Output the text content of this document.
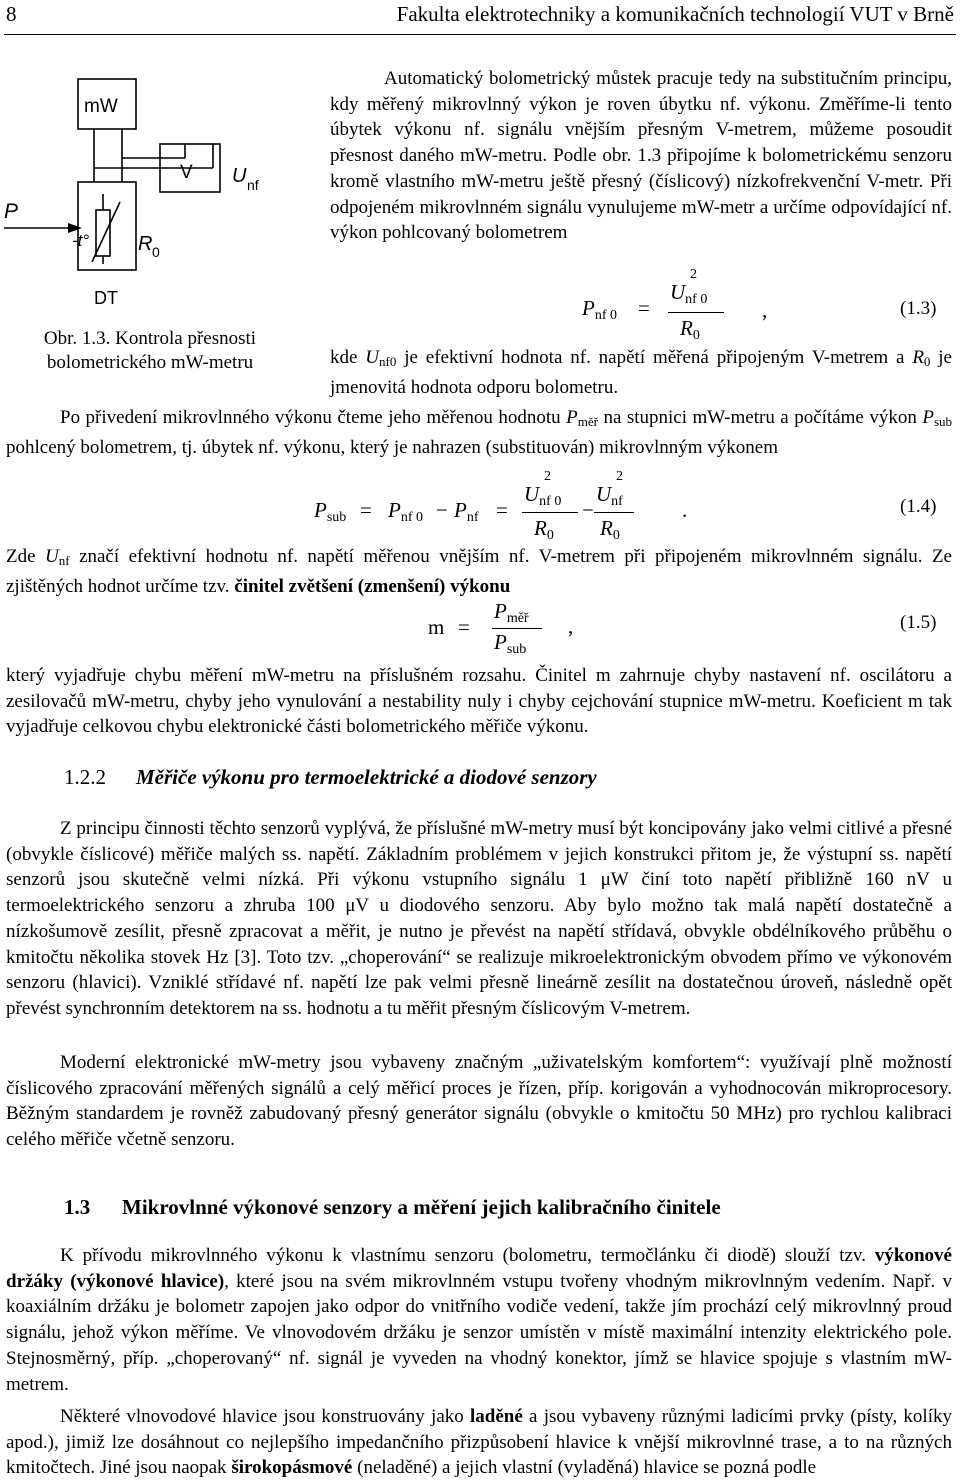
8	Fakulta elektrotechniky a komunikačních technologií VUT v Brně
P
mW
V U nf
-t° R 0
DT
Obr. 1.3. Kontrola přesnosti
bolometrického mW-metru

Automatický bolometrický můstek pracuje tedy na substitučním principu, kdy měřený mikrovlnný výkon je roven úbytku nf. výkonu. Změříme-li tento úbytek výkonu nf. signálu vnějším přesným V-metrem, můžeme posoudit přesnost daného mW-metru. Podle obr. 1.3 připojíme k bolometrickému senzoru kromě vlastního mW-metru ještě přesný (číslicový) nízkofrekvenční V-metr. Při odpojeném mikrovlnném signálu vynulujeme mW-metr a určíme odpovídající nf. výkon pohlcovaný bolometrem

$P_{nf 0}$ =
$U_{nf 0}$
2
$R_0$
,	(1.3)

kde Unf0 je efektivní hodnota nf. napětí měřená připojeným V-metrem a R0 je jmenovitá hodnota odporu bolometru.

Po přivedení mikrovlnného výkonu čteme jeho měřenou hodnotu Pměř na stupnici mW-metru a počítáme výkon Psub pohlcený bolometrem, tj. úbytek nf. výkonu, který je nahrazen (substituován) mikrovlnným výkonem

$P_{sub} = P_{nf 0} - P_{nf}$ =
$U_{nf 0}$
2
$R_0$
−
$U_{nf}$
2
$R_0$
.	(1.4)

Zde Unf značí efektivní hodnotu nf. napětí měřenou vnějším nf. V-metrem při připojeném mikrovlnném signálu. Ze zjištěných hodnot určíme tzv. činitel zvětšení (zmenšení) výkonu

m =
$P_{měř}$
$P_{sub}$
,	(1.5)

který vyjadřuje chybu měření mW-metru na příslušném rozsahu. Činitel m zahrnuje chyby nastavení nf. oscilátoru a zesilovačů mW-metru, chyby jeho vynulování a nestability nuly i chyby cejchování stupnice mW-metru. Koeficient m tak vyjadřuje celkovou chybu elektronické části bolometrického měřiče výkonu.

1.2.2 Měřiče výkonu pro termoelektrické a diodové senzory

Z principu činnosti těchto senzorů vyplývá, že příslušné mW-metry musí být koncipovány jako velmi citlivé a přesné (obvykle číslicové) měřiče malých ss. napětí. Základním problémem v jejich konstrukci přitom je, že výstupní ss. napětí senzorů jsou skutečně velmi nízká. Při výkonu vstupního signálu 1 μW činí toto napětí přibližně 160 nV u termoelektrického senzoru a zhruba 100 μV u diodového senzoru. Aby bylo možno tak malá napětí dostatečně a nízkošumově zesílit, přesně zpracovat a měřit, je nutno je převést na napětí střídavá, obvykle obdélníkového průběhu o kmitočtu několika stovek Hz [3]. Toto tzv. „choperování“ se realizuje mikroelektronickým obvodem přímo ve výkonovém senzoru (hlavici). Vzniklé střídavé nf. napětí lze pak velmi přesně lineárně zesílit na dostatečnou úroveň, následně opět převést synchronním detektorem na ss. hodnotu a tu měřit přesným číslicovým V-metrem.

Moderní elektronické mW-metry jsou vybaveny značným „uživatelským komfortem“: využívají plně možností číslicového zpracování měřených signálů a celý měřicí proces je řízen, příp. korigován a vyhodnocován mikroprocesory. Běžným standardem je rovněž zabudovaný přesný generátor signálu (obvykle o kmitočtu 50 MHz) pro rychlou kalibraci celého měřiče včetně senzoru.

1.3 Mikrovlnné výkonové senzory a měření jejich kalibračního činitele

K přívodu mikrovlnného výkonu k vlastnímu senzoru (bolometru, termočlánku či diodě) slouží tzv. výkonové držáky (výkonové hlavice), které jsou na svém mikrovlnném vstupu tvořeny vhodným mikrovlnným vedením. Např. v koaxiálním držáku je bolometr zapojen jako odpor do vnitřního vodiče vedení, takže jím prochází celý mikrovlnný proud signálu, jehož výkon měříme. Ve vlnovodovém držáku je senzor umístěn v místě maximální intenzity elektrického pole. Stejnosměrný, příp. „choperovaný“ nf. signál je vyveden na vhodný konektor, jímž se hlavice spojuje s vlastním mW-metrem.

Některé vlnovodové hlavice jsou konstruovány jako laděné a jsou vybaveny různými ladicími prvky (písty, kolíky apod.), jimiž lze dosáhnout co nejlepšího impedančního přizpůsobení hlavice k vnější mikrovlnné trase, a to na různých kmitočtech. Jiné jsou naopak širokopásmové (neladěné) a jejich vlastní (vyladěná) hlavice se pozná podle
